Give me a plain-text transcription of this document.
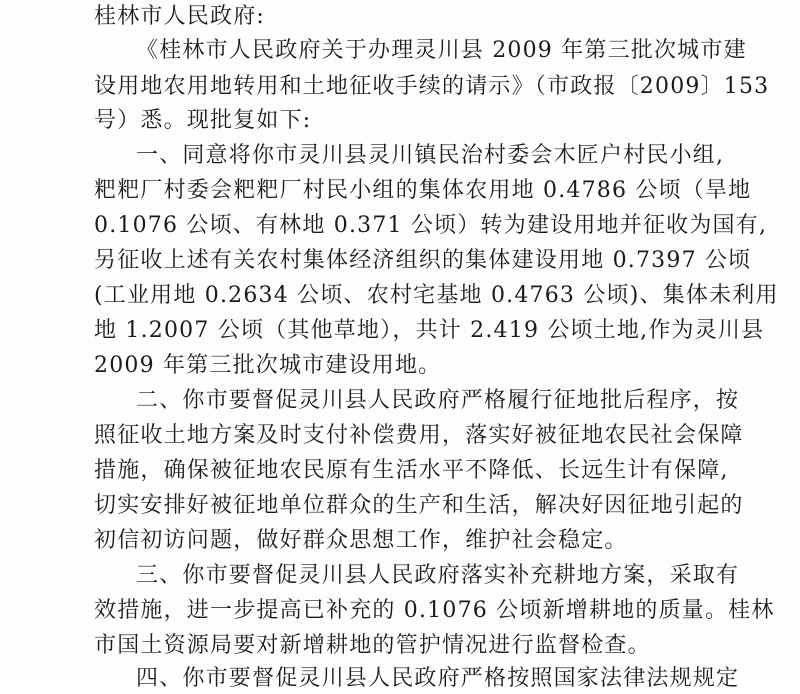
桂林市人民政府:
《桂林市人民政府关于办理灵川县 2009 年第三批次城市建
设用地农用地转用和土地征收手续的请示》（市政报〔2009〕153
号）悉。现批复如下:
一、同意将你市灵川县灵川镇民治村委会木匠户村民小组,
粑粑厂村委会粑粑厂村民小组的集体农用地 0.4786 公顷（旱地
0.1076 公顷、有林地 0.371 公顷）转为建设用地并征收为国有,
另征收上述有关农村集体经济组织的集体建设用地 0.7397 公顷
(工业用地 0.2634 公顷、农村宅基地 0.4763 公顷)、集体未利用
地 1.2007 公顷（其他草地），共计 2.419 公顷土地,作为灵川县
2009 年第三批次城市建设用地。
二、你市要督促灵川县人民政府严格履行征地批后程序，按
照征收土地方案及时支付补偿费用，落实好被征地农民社会保障
措施，确保被征地农民原有生活水平不降低、长远生计有保障,
切实安排好被征地单位群众的生产和生活，解决好因征地引起的
初信初访问题，做好群众思想工作，维护社会稳定。
三、你市要督促灵川县人民政府落实补充耕地方案，采取有
效措施，进一步提高已补充的 0.1076 公顷新增耕地的质量。桂林
市国土资源局要对新增耕地的管护情况进行监督检查。
四、你市要督促灵川县人民政府严格按照国家法律法规规定
